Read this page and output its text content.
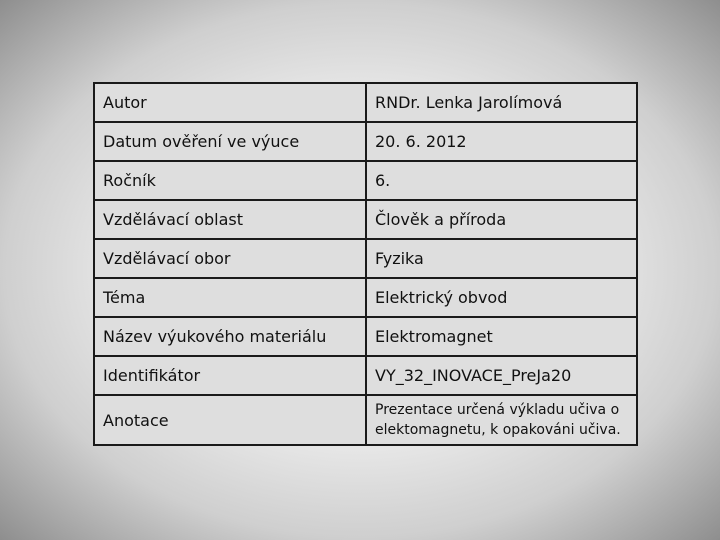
Autor	RNDr. Lenka Jarolímová
Datum ověření ve výuce	20. 6. 2012
Ročník	6.
Vzdělávací oblast	Člověk a příroda
Vzdělávací obor	Fyzika
Téma	Elektrický obvod
Název výukového materiálu	Elektromagnet
Identifikátor	VY_32_INOVACE_PreJa20
Anotace	Prezentace určená výkladu učiva o elektomagnetu, k opakováni učiva.
